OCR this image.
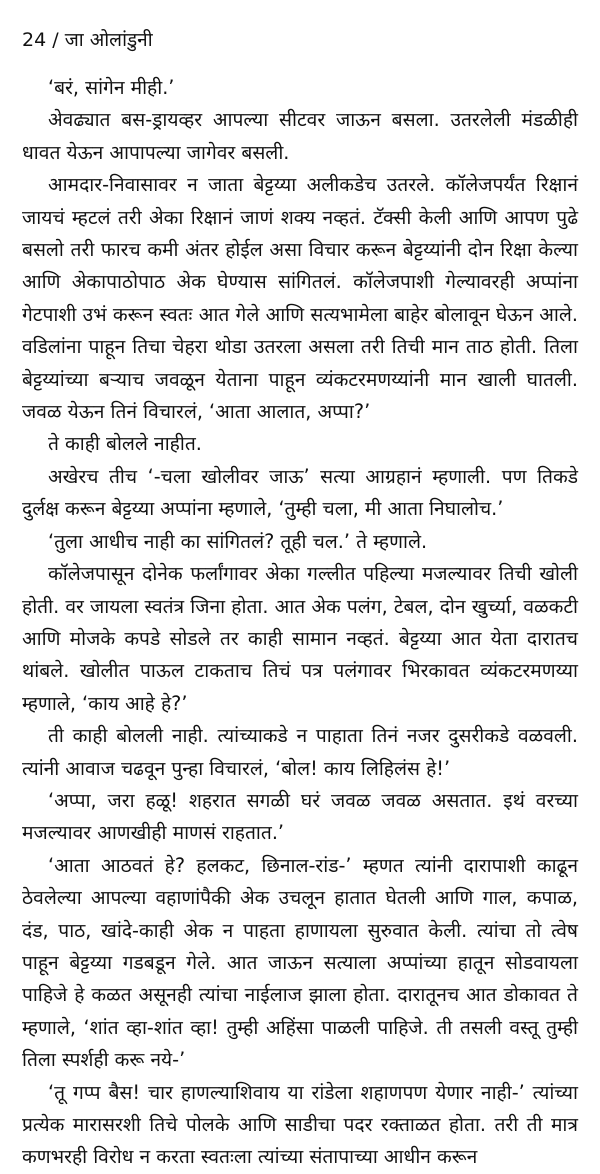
24 / जा ओलांडुनी

‘बरं, सांगेन मीही.’

अेवढ्यात बस-ड्रायव्हर आपल्या सीटवर जाऊन बसला. उतरलेली मंडळीही धावत येऊन आपापल्या जागेवर बसली.

आमदार-निवासावर न जाता बेट्टय्या अलीकडेच उतरले. कॉलेजपर्यंत रिक्षानं जायचं म्हटलं तरी अेका रिक्षानं जाणं शक्य नव्हतं. टॅक्सी केली आणि आपण पुढे बसलो तरी फारच कमी अंतर होईल असा विचार करून बेट्टय्यांनी दोन रिक्षा केल्या आणि अेकापाठोपाठ अेक घेण्यास सांगितलं. कॉलेजपाशी गेल्यावरही अप्पांना गेटपाशी उभं करून स्वतः आत गेले आणि सत्यभामेला बाहेर बोलावून घेऊन आले. वडिलांना पाहून तिचा चेहरा थोडा उतरला असला तरी तिची मान ताठ होती. तिला बेट्टय्यांच्या बऱ्याच जवळून येताना पाहून व्यंकटरमणय्यांनी मान खाली घातली. जवळ येऊन तिनं विचारलं, ‘आता आलात, अप्पा?’

ते काही बोलले नाहीत.

अखेरच तीच ‘-चला खोलीवर जाऊ’ सत्या आग्रहानं म्हणाली. पण तिकडे दुर्लक्ष करून बेट्टय्या अप्पांना म्हणाले, ‘तुम्ही चला, मी आता निघालोच.’

‘तुला आधीच नाही का सांगितलं? तूही चल.’ ते म्हणाले.

कॉलेजपासून दोनेक फर्लांगावर अेका गल्लीत पहिल्या मजल्यावर तिची खोली होती. वर जायला स्वतंत्र जिना होता. आत अेक पलंग, टेबल, दोन खुर्च्या, वळकटी आणि मोजके कपडे सोडले तर काही सामान नव्हतं. बेट्टय्या आत येता दारातच थांबले. खोलीत पाऊल टाकताच तिचं पत्र पलंगावर भिरकावत व्यंकटरमणय्या म्हणाले, ‘काय आहे हे?’

ती काही बोलली नाही. त्यांच्याकडे न पाहाता तिनं नजर दुसरीकडे वळवली. त्यांनी आवाज चढवून पुन्हा विचारलं, ‘बोल! काय लिहिलंस हे!’

‘अप्पा, जरा हळू! शहरात सगळी घरं जवळ जवळ असतात. इथं वरच्या मजल्यावर आणखीही माणसं राहतात.’

‘आता आठवतं हे? हलकट, छिनाल-रांड-’ म्हणत त्यांनी दारापाशी काढून ठेवलेल्या आपल्या वहाणांपैकी अेक उचलून हातात घेतली आणि गाल, कपाळ, दंड, पाठ, खांदे-काही अेक न पाहता हाणायला सुरुवात केली. त्यांचा तो त्वेष पाहून बेट्टय्या गडबडून गेले. आत जाऊन सत्याला अप्पांच्या हातून सोडवायला पाहिजे हे कळत असूनही त्यांचा नाईलाज झाला होता. दारातूनच आत डोकावत ते म्हणाले, ‘शांत व्हा-शांत व्हा! तुम्ही अहिंसा पाळली पाहिजे. ती तसली वस्तू तुम्ही तिला स्पर्शही करू नये-’

‘तू गप्प बैस! चार हाणल्याशिवाय या रांडेला शहाणपण येणार नाही-’ त्यांच्या प्रत्येक मारासरशी तिचे पोलके आणि साडीचा पदर रक्ताळत होता. तरी ती मात्र कणभरही विरोध न करता स्वतःला त्यांच्या संतापाच्या आधीन करून
